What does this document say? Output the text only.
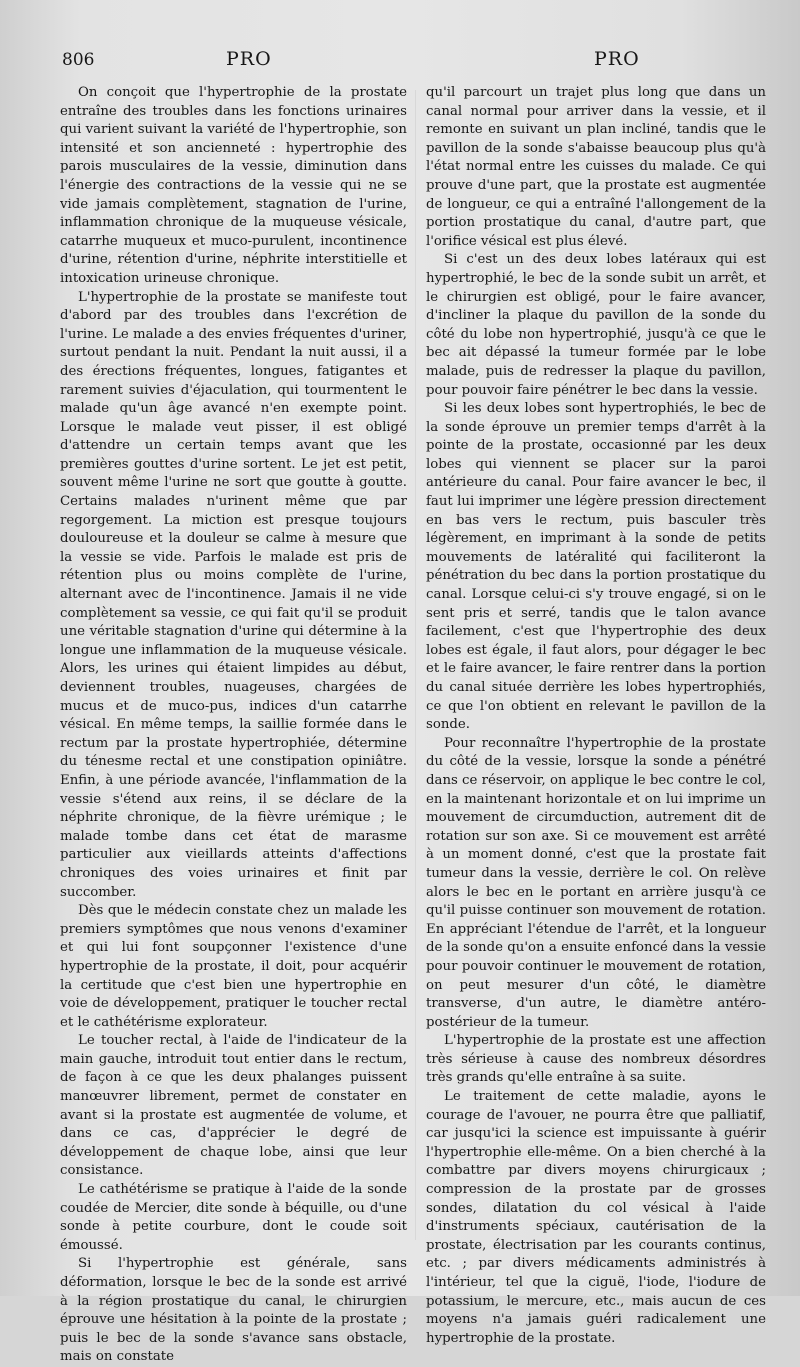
806	PRO	PRO

On conçoit que l'hypertrophie de la prostate entraîne des troubles dans les fonctions urinaires qui varient suivant la variété de l'hypertrophie, son intensité et son ancienneté : hypertrophie des parois musculaires de la vessie, diminution dans l'énergie des contractions de la vessie qui ne se vide jamais complètement, stagnation de l'urine, inflammation chronique de la muqueuse vésicale, catarrhe muqueux et muco-purulent, incontinence d'urine, rétention d'urine, néphrite interstitielle et intoxication urineuse chronique.

L'hypertrophie de la prostate se manifeste tout d'abord par des troubles dans l'excrétion de l'urine. Le malade a des envies fréquentes d'uriner, surtout pendant la nuit. Pendant la nuit aussi, il a des érections fréquentes, longues, fatigantes et rarement suivies d'éjaculation, qui tourmentent le malade qu'un âge avancé n'en exempte point. Lorsque le malade veut pisser, il est obligé d'attendre un certain temps avant que les premières gouttes d'urine sortent. Le jet est petit, souvent même l'urine ne sort que goutte à goutte. Certains malades n'urinent même que par regorgement. La miction est presque toujours douloureuse et la douleur se calme à mesure que la vessie se vide. Parfois le malade est pris de rétention plus ou moins complète de l'urine, alternant avec de l'incontinence. Jamais il ne vide complètement sa vessie, ce qui fait qu'il se produit une véritable stagnation d'urine qui détermine à la longue une inflammation de la muqueuse vésicale. Alors, les urines qui étaient limpides au début, deviennent troubles, nuageuses, chargées de mucus et de muco-pus, indices d'un catarrhe vésical. En même temps, la saillie formée dans le rectum par la prostate hypertrophiée, détermine du ténesme rectal et une constipation opiniâtre. Enfin, à une période avancée, l'inflammation de la vessie s'étend aux reins, il se déclare de la néphrite chronique, de la fièvre urémique ; le malade tombe dans cet état de marasme particulier aux vieillards atteints d'affections chroniques des voies urinaires et finit par succomber.

Dès que le médecin constate chez un malade les premiers symptômes que nous venons d'examiner et qui lui font soupçonner l'existence d'une hypertrophie de la prostate, il doit, pour acquérir la certitude que c'est bien une hypertrophie en voie de développement, pratiquer le toucher rectal et le cathétérisme explorateur.

Le toucher rectal, à l'aide de l'indicateur de la main gauche, introduit tout entier dans le rectum, de façon à ce que les deux phalanges puissent manœuvrer librement, permet de constater en avant si la prostate est augmentée de volume, et dans ce cas, d'apprécier le degré de développement de chaque lobe, ainsi que leur consistance.

Le cathétérisme se pratique à l'aide de la sonde coudée de Mercier, dite sonde à béquille, ou d'une sonde à petite courbure, dont le coude soit émoussé.

Si l'hypertrophie est générale, sans déformation, lorsque le bec de la sonde est arrivé à la région prostatique du canal, le chirurgien éprouve une hésitation à la pointe de la prostate ; puis le bec de la sonde s'avance sans obstacle, mais on constate

qu'il parcourt un trajet plus long que dans un canal normal pour arriver dans la vessie, et il remonte en suivant un plan incliné, tandis que le pavillon de la sonde s'abaisse beaucoup plus qu'à l'état normal entre les cuisses du malade. Ce qui prouve d'une part, que la prostate est augmentée de longueur, ce qui a entraîné l'allongement de la portion prostatique du canal, d'autre part, que l'orifice vésical est plus élevé.

Si c'est un des deux lobes latéraux qui est hypertrophié, le bec de la sonde subit un arrêt, et le chirurgien est obligé, pour le faire avancer, d'incliner la plaque du pavillon de la sonde du côté du lobe non hypertrophié, jusqu'à ce que le bec ait dépassé la tumeur formée par le lobe malade, puis de redresser la plaque du pavillon, pour pouvoir faire pénétrer le bec dans la vessie.

Si les deux lobes sont hypertrophiés, le bec de la sonde éprouve un premier temps d'arrêt à la pointe de la prostate, occasionné par les deux lobes qui viennent se placer sur la paroi antérieure du canal. Pour faire avancer le bec, il faut lui imprimer une légère pression directement en bas vers le rectum, puis basculer très légèrement, en imprimant à la sonde de petits mouvements de latéralité qui faciliteront la pénétration du bec dans la portion prostatique du canal. Lorsque celui-ci s'y trouve engagé, si on le sent pris et serré, tandis que le talon avance facilement, c'est que l'hypertrophie des deux lobes est égale, il faut alors, pour dégager le bec et le faire avancer, le faire rentrer dans la portion du canal située derrière les lobes hypertrophiés, ce que l'on obtient en relevant le pavillon de la sonde.

Pour reconnaître l'hypertrophie de la prostate du côté de la vessie, lorsque la sonde a pénétré dans ce réservoir, on applique le bec contre le col, en la maintenant horizontale et on lui imprime un mouvement de circumduction, autrement dit de rotation sur son axe. Si ce mouvement est arrêté à un moment donné, c'est que la prostate fait tumeur dans la vessie, derrière le col. On relève alors le bec en le portant en arrière jusqu'à ce qu'il puisse continuer son mouvement de rotation. En appréciant l'étendue de l'arrêt, et la longueur de la sonde qu'on a ensuite enfoncé dans la vessie pour pouvoir continuer le mouvement de rotation, on peut mesurer d'un côté, le diamètre transverse, d'un autre, le diamètre antéro-postérieur de la tumeur.

L'hypertrophie de la prostate est une affection très sérieuse à cause des nombreux désordres très grands qu'elle entraîne à sa suite.

Le traitement de cette maladie, ayons le courage de l'avouer, ne pourra être que palliatif, car jusqu'ici la science est impuissante à guérir l'hypertrophie elle-même. On a bien cherché à la combattre par divers moyens chirurgicaux ; compression de la prostate par de grosses sondes, dilatation du col vésical à l'aide d'instruments spéciaux, cautérisation de la prostate, électrisation par les courants continus, etc. ; par divers médicaments administrés à l'intérieur, tel que la ciguë, l'iode, l'iodure de potassium, le mercure, etc., mais aucun de ces moyens n'a jamais guéri radicalement une hypertrophie de la prostate.
